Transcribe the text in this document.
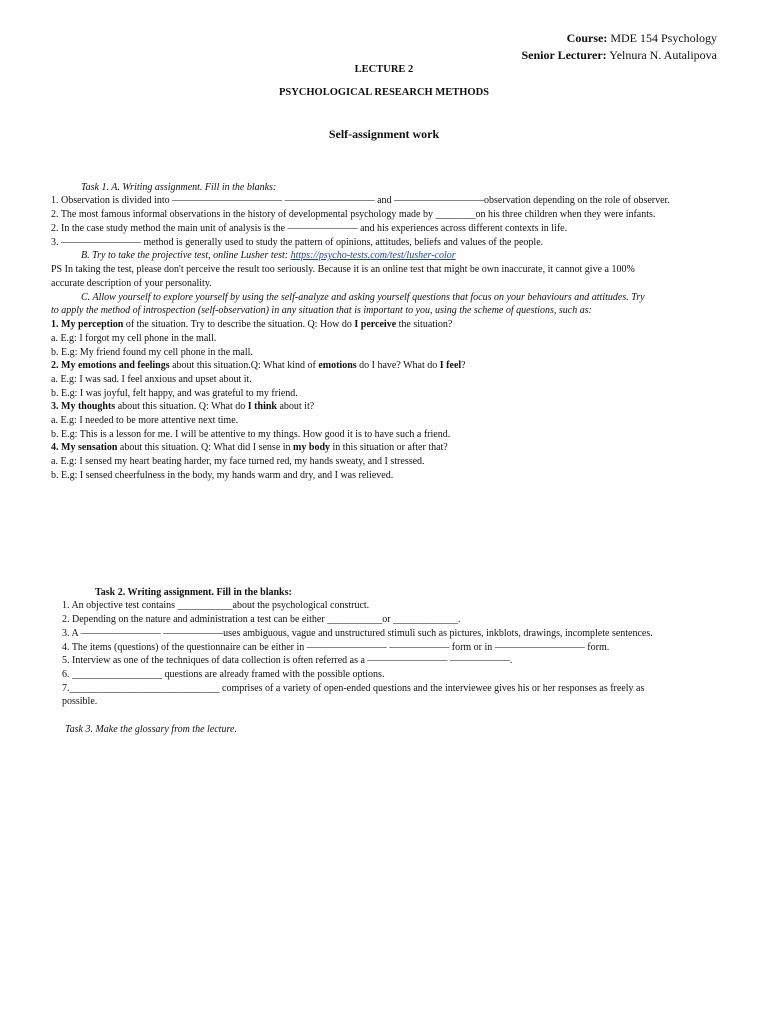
Course: MDE 154 Psychology
Senior Lecturer: Yelnura N. Autalipova
LECTURE 2
PSYCHOLOGICAL RESEARCH METHODS
Self-assignment work
Task 1. A. Writing assignment. Fill in the blanks:
1. Observation is divided into ——————————— ————————— and —————————observation depending on the role of observer.
2. The most famous informal observations in the history of developmental psychology made by ________on his three children when they were infants.
2. In the case study method the main unit of analysis is the ——————— and his experiences across different contexts in life.
3. ———————— method is generally used to study the pattern of opinions, attitudes, beliefs and values of the people.
B. Try to take the projective test, online Lusher test: https://psycho-tests.com/test/lusher-color
PS In taking the test, please don't perceive the result too seriously. Because it is an online test that might be own inaccurate, it cannot give a 100%
accurate description of your personality.
C. Allow yourself to explore yourself by using the self-analyze and asking yourself questions that focus on your behaviours and attitudes. Try
to apply the method of introspection (self-observation) in any situation that is important to you, using the scheme of questions, such as:
1. My perception of the situation. Try to describe the situation. Q: How do I perceive the situation?
a. E.g: I forgot my cell phone in the mall.
b. E.g: My friend found my cell phone in the mall.
2. My emotions and feelings about this situation.Q: What kind of emotions do I have? What do I feel?
a. E.g: I was sad. I feel anxious and upset about it.
b. E.g: I was joyful, felt happy, and was grateful to my friend.
3. My thoughts about this situation. Q: What do I think about it?
a. E.g: I needed to be more attentive next time.
b. E.g: This is a lesson for me. I will be attentive to my things. How good it is to have such a friend.
4. My sensation about this situation. Q: What did I sense in my body in this situation or after that?
a. E.g: I sensed my heart beating harder, my face turned red, my hands sweaty, and I stressed.
b. E.g: I sensed cheerfulness in the body, my hands warm and dry, and I was relieved.
Task 2. Writing assignment. Fill in the blanks:
1. An objective test contains ___________about the psychological construct.
2. Depending on the nature and administration a test can be either ___________or _____________.
3. A ———————— ——————uses ambiguous, vague and unstructured stimuli such as pictures, inkblots, drawings, incomplete sentences.
4. The items (questions) of the questionnaire can be either in ———————— —————— form or in ————————— form.
5. Interview as one of the techniques of data collection is often referred as a ———————— ——————.
6. __________________ questions are already framed with the possible options.
7.______________________________ comprises of a variety of open-ended questions and the interviewee gives his or her responses as freely as
possible.
Task 3. Make the glossary from the lecture.
